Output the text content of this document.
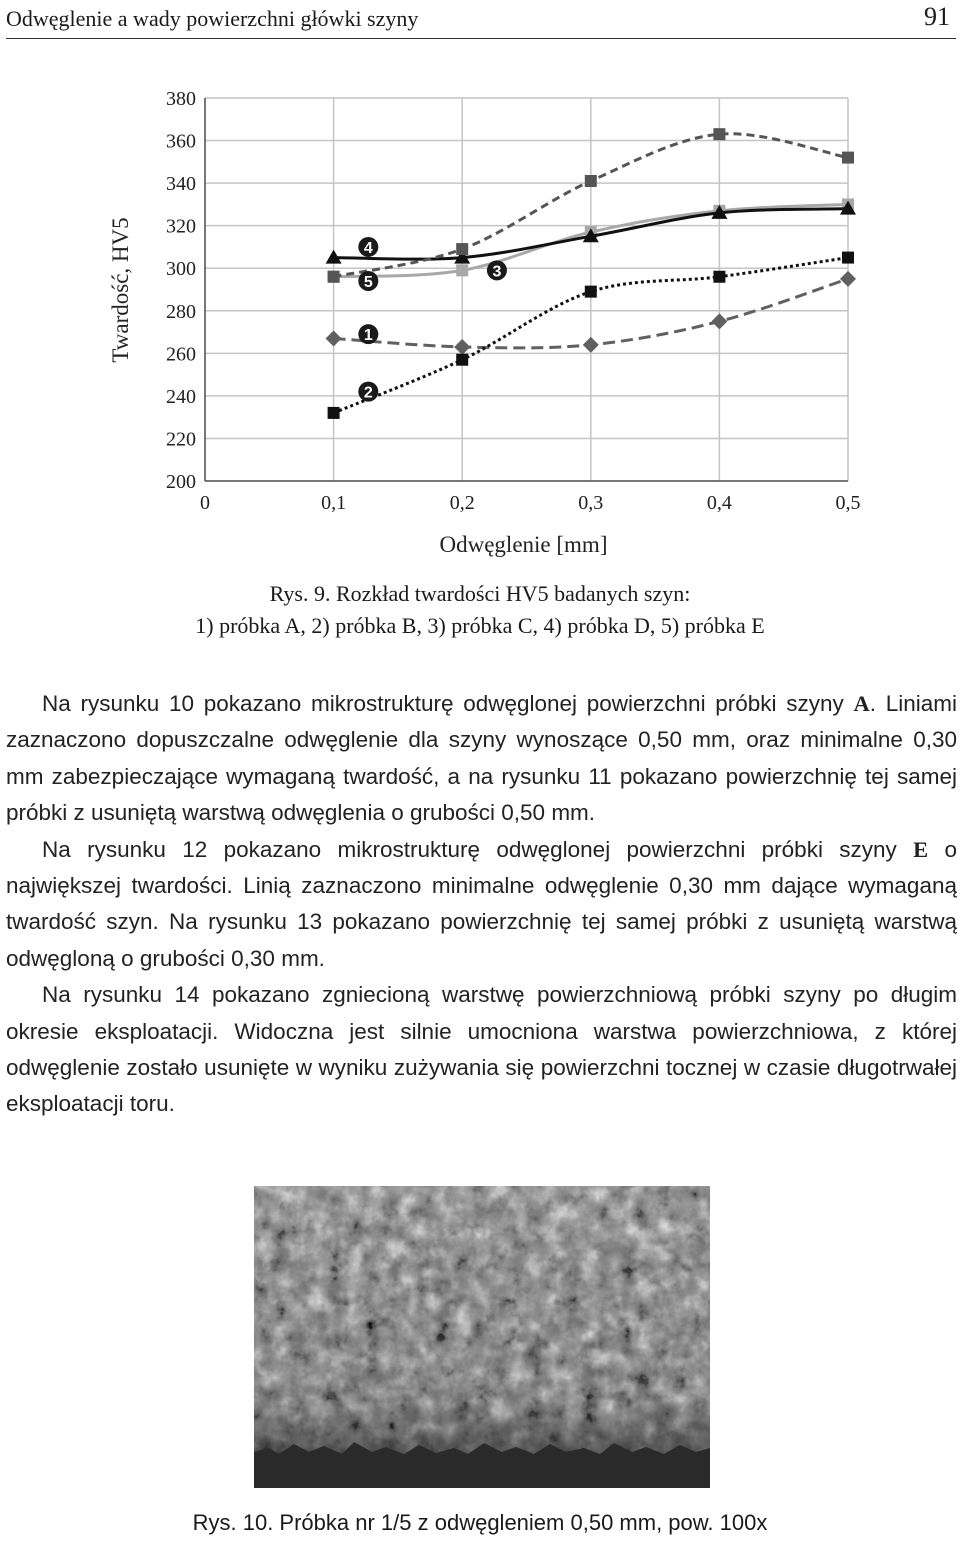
Odwęglenie a wady powierzchni główki szyny	91
200
220
240
260
280
300
320
340
360
380
0	0,1	0,2	0,3	0,4	0,5
Odwęglenie [mm]
Twardość, HV5	4
5
3
1
2
Rys. 9. Rozkład twardości HV5 badanych szyn:
1) próbka A, 2) próbka B, 3) próbka C, 4) próbka D, 5) próbka E

Na rysunku 10 pokazano mikrostrukturę odwęglonej powierzchni próbki szyny A. Liniami zaznaczono dopuszczalne odwęglenie dla szyny wynoszące 0,50 mm, oraz minimalne 0,30 mm zabezpieczające wymaganą twardość, a na rysunku 11 pokazano powierzchnię tej samej próbki z usuniętą warstwą odwęglenia o grubości 0,50 mm.

Na rysunku 12 pokazano mikrostrukturę odwęglonej powierzchni próbki szyny E o największej twardości. Linią zaznaczono minimalne odwęglenie 0,30 mm dające wymaganą twardość szyn. Na rysunku 13 pokazano powierzchnię tej samej próbki z usuniętą warstwą odwęgloną o grubości 0,30 mm.

Na rysunku 14 pokazano zgniecioną warstwę powierzchniową próbki szyny po długim okresie eksploatacji. Widoczna jest silnie umocniona warstwa powierzchniowa, z której odwęglenie zostało usunięte w wyniku zużywania się powierzchni tocznej w czasie długotrwałej eksploatacji toru.

Rys. 10. Próbka nr 1/5 z odwęgleniem 0,50 mm, pow. 100x
